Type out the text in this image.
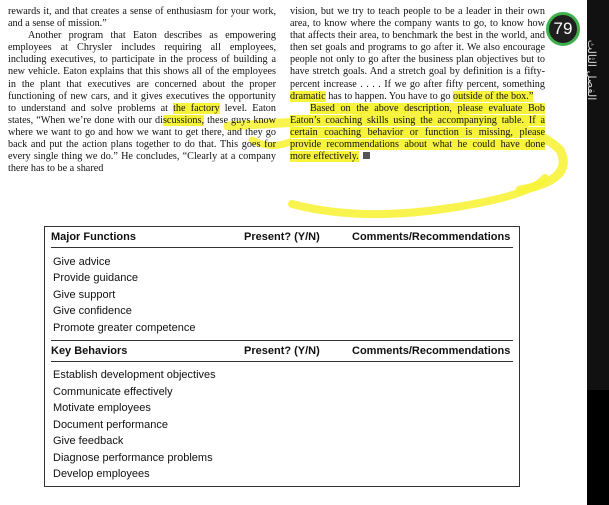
rewards it, and that creates a sense of enthusiasm for your work, and a sense of mission.”

Another program that Eaton describes as empowering employees at Chrysler includes requiring all employees, including executives, to participate in the process of building a new vehicle. Eaton explains that this shows all of the employees in the plant that executives are concerned about the proper functioning of new cars, and it gives executives the opportunity to understand and solve problems at the factory level. Eaton states, “When we’re done with our discussions, these guys know where we want to go and how we want to get there, and they go back and put the action plans together to do that. This goes for every single thing we do.” He concludes, “Clearly at a company there has to be a shared

vision, but we try to teach people to be a leader in their own area, to know where the company wants to go, to know how that affects their area, to benchmark the best in the world, and then set goals and programs to go after it. We also encourage people not only to go after the business plan objectives but to have stretch goals. And a stretch goal by definition is a fifty-percent increase . . . . If we go after fifty percent, something dramatic has to happen. You have to go outside of the box.”

Based on the above description, please evaluate Bob Eaton’s coaching skills using the accompanying table. If a certain coaching behavior or function is missing, please provide recommendations about what he could have done more effectively.

الفصل الثالث
79
Major Functions	Present? (Y/N)	Comments/Recommendations
Give advice
Provide guidance
Give support
Give confidence
Promote greater competence
Key Behaviors	Present? (Y/N)	Comments/Recommendations
Establish development objectives
Communicate effectively
Motivate employees
Document performance
Give feedback
Diagnose performance problems
Develop employees
